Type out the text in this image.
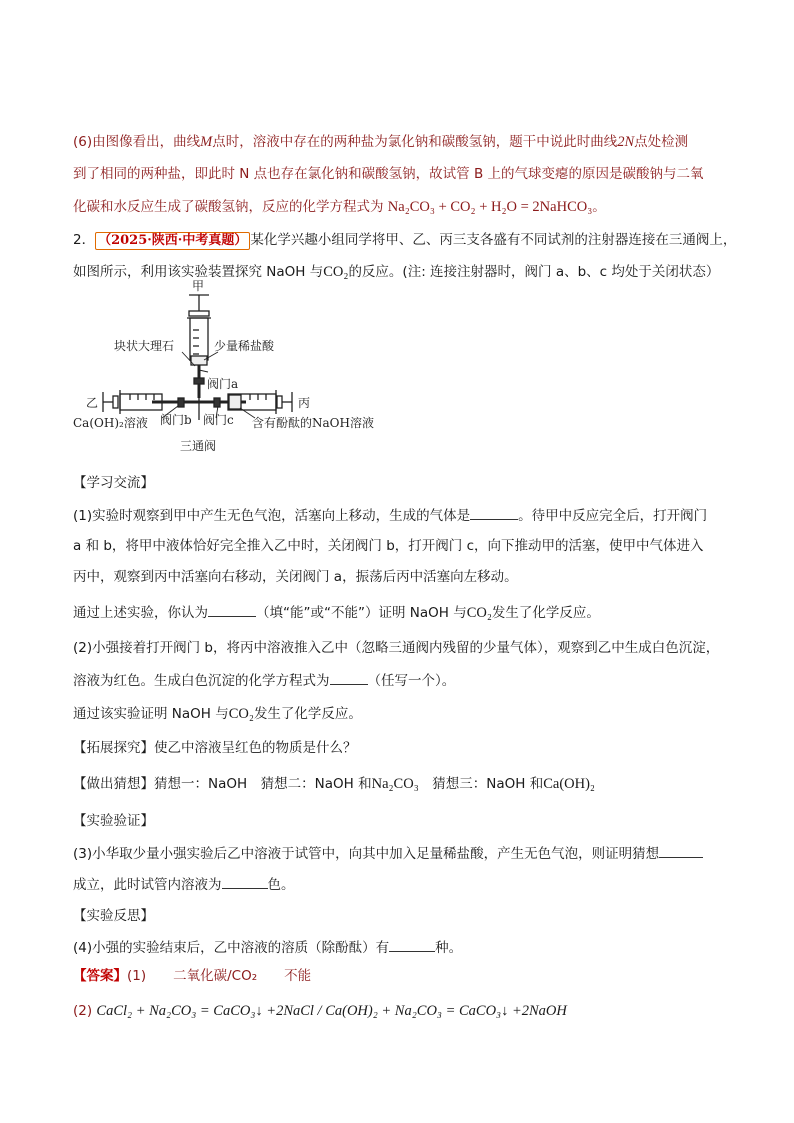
(6)由图像看出，曲线M点时，溶液中存在的两种盐为氯化钠和碳酸氢钠，题干中说此时曲线2N点处检测
到了相同的两种盐，即此时 N 点也存在氯化钠和碳酸氢钠，故试管 B 上的气球变瘪的原因是碳酸钠与二氧
化碳和水反应生成了碳酸氢钠，反应的化学方程式为 Na₂CO₃ + CO₂ + H₂O = 2NaHCO₃。
2． （2025·陕西·中考真题） 某化学兴趣小组同学将甲、乙、丙三支各盛有不同试剂的注射器连接在三通阀上，
如图所示，利用该实验装置探究 NaOH 与CO₂的反应。(注: 连接注射器时，阀门 a、b、c 均处于关闭状态）
甲
块状大理石	少量稀盐酸
阀门a
乙	丙
Ca(OH)₂溶液 阀门b 阀门c 含有酚酞的NaOH溶液
三通阀
【学习交流】
(1)实验时观察到甲中产生无色气泡，活塞向上移动，生成的气体是	。待甲中反应完全后，打开阀门
a 和 b，将甲中液体恰好完全推入乙中时，关闭阀门 b，打开阀门 c，向下推动甲的活塞，使甲中气体进入
丙中，观察到丙中活塞向右移动，关闭阀门 a，振荡后丙中活塞向左移动。
通过上述实验，你认为	（填“能”或“不能”）证明 NaOH 与CO₂发生了化学反应。
(2)小强接着打开阀门 b，将丙中溶液推入乙中（忽略三通阀内残留的少量气体），观察到乙中生成白色沉淀，
溶液为红色。生成白色沉淀的化学方程式为	（任写一个）。
通过该实验证明 NaOH 与CO₂发生了化学反应。
【拓展探究】使乙中溶液呈红色的物质是什么？
【做出猜想】猜想一：NaOH　猜想二：NaOH 和Na₂CO₃　猜想三：NaOH 和Ca(OH)₂
【实验验证】
(3)小华取少量小强实验后乙中溶液于试管中，向其中加入足量稀盐酸，产生无色气泡，则证明猜想
成立，此时试管内溶液为	色。
【实验反思】
(4)小强的实验结束后，乙中溶液的溶质（除酚酞）有	种。
【答案】(1)　　二氧化碳/CO₂　　不能
(2) CaCl₂ + Na₂CO₃ = CaCO₃↓ +2NaCl / Ca(OH)₂ + Na₂CO₃ = CaCO₃↓ +2NaOH
